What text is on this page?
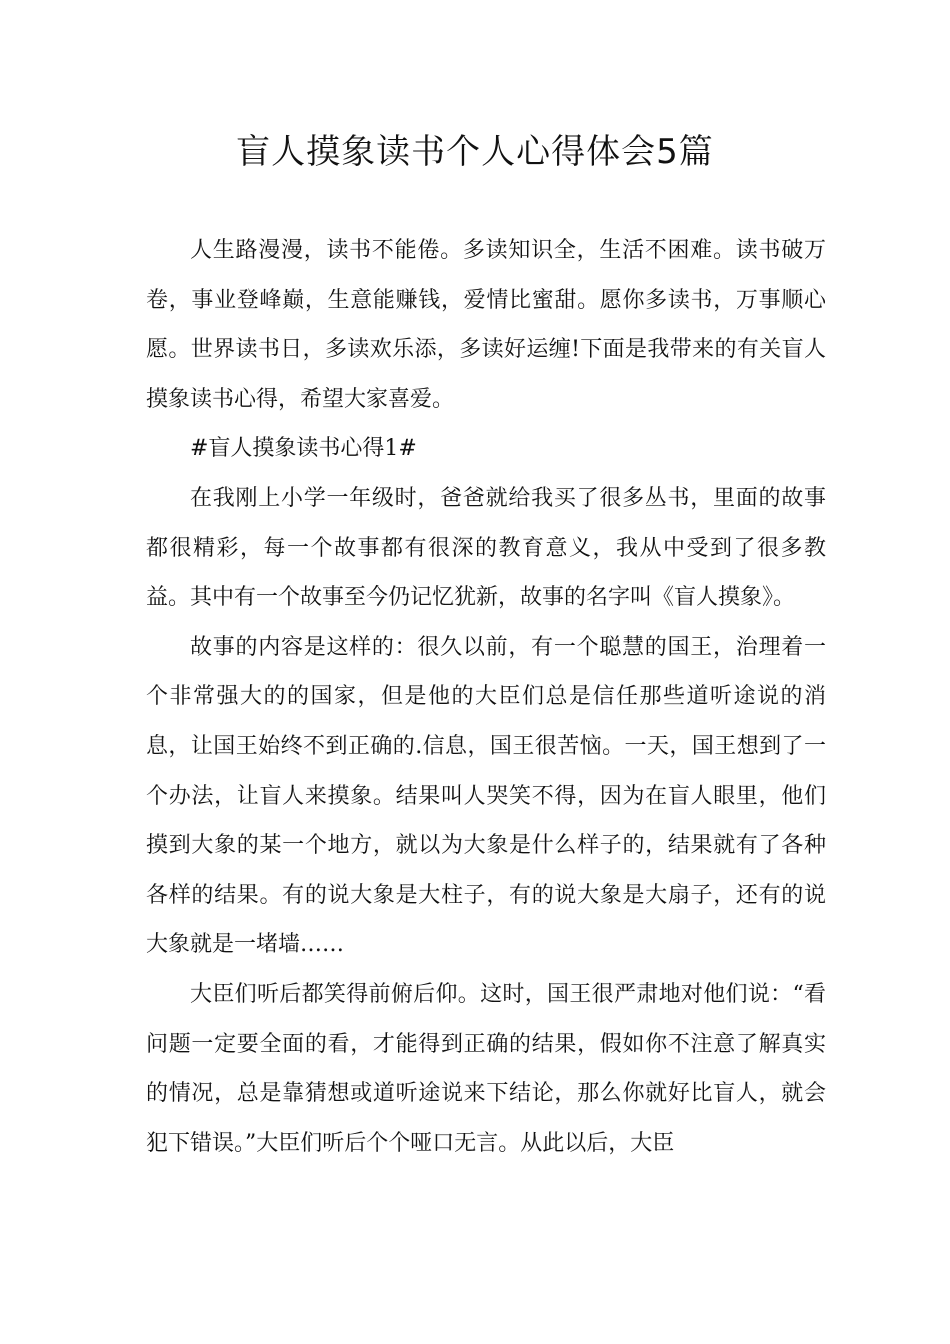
盲人摸象读书个人心得体会5篇

人生路漫漫，读书不能倦。多读知识全，生活不困难。读书破万卷，事业登峰巅，生意能赚钱，爱情比蜜甜。愿你多读书，万事顺心愿。世界读书日，多读欢乐添，多读好运缠!下面是我带来的有关盲人摸象读书心得，希望大家喜爱。

#盲人摸象读书心得1#

在我刚上小学一年级时，爸爸就给我买了很多丛书，里面的故事都很精彩，每一个故事都有很深的教育意义，我从中受到了很多教益。其中有一个故事至今仍记忆犹新，故事的名字叫《盲人摸象》。

故事的内容是这样的：很久以前，有一个聪慧的国王，治理着一个非常强大的的国家，但是他的大臣们总是信任那些道听途说的消息，让国王始终不到正确的.信息，国王很苦恼。一天，国王想到了一个办法，让盲人来摸象。结果叫人哭笑不得，因为在盲人眼里，他们摸到大象的某一个地方，就以为大象是什么样子的，结果就有了各种各样的结果。有的说大象是大柱子，有的说大象是大扇子，还有的说大象就是一堵墙……

大臣们听后都笑得前俯后仰。这时，国王很严肃地对他们说：“看问题一定要全面的看，才能得到正确的结果，假如你不注意了解真实的情况，总是靠猜想或道听途说来下结论，那么你就好比盲人，就会犯下错误。”大臣们听后个个哑口无言。从此以后，大臣
